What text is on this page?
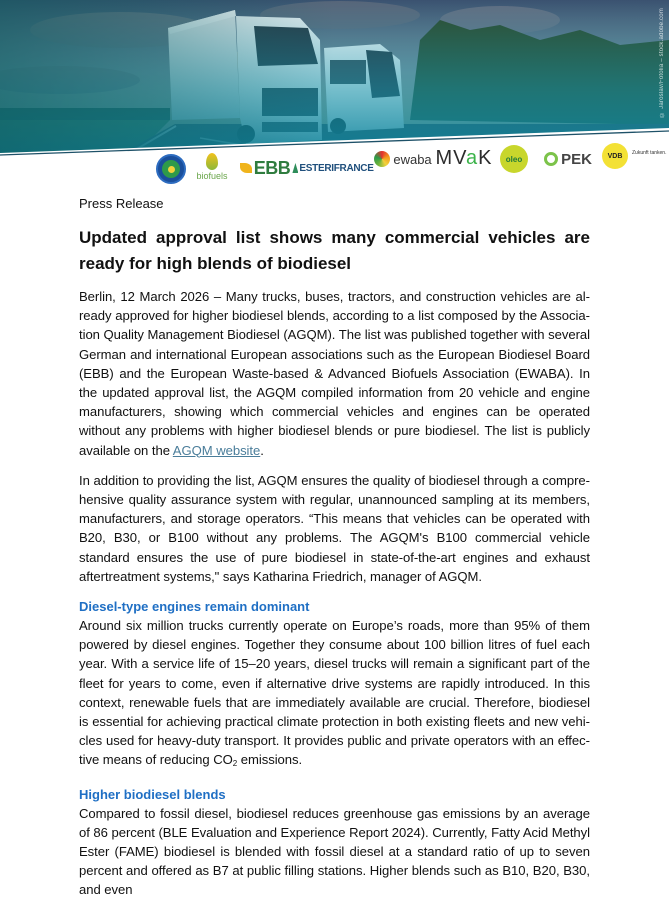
© Jaroslav/Fotolia – stock.adobe.com
biofuels EBB ESTERIFRANCE
ewaba MVaK oleo	PEK VDB Zukunft tanken.

Press Release

Updated approval list shows many commercial vehicles are ready for high blends of biodiesel

Berlin, 12 March 2026 – Many trucks, buses, tractors, and construction vehicles are already approved for higher biodiesel blends, according to a list composed by the Association Quality Management Biodiesel (AGQM). The list was published together with several German and international European associations such as the European Biodiesel Board (EBB) and the European Waste-based & Advanced Biofuels Association (EWABA). In the updated approval list, the AGQM compiled information from 20 vehicle and engine manufacturers, showing which commercial vehicles and engines can be operated without any problems with higher biodiesel blends or pure biodiesel. The list is publicly available on the AGQM website.

In addition to providing the list, AGQM ensures the quality of biodiesel through a comprehensive quality assurance system with regular, unannounced sampling at its members, manufacturers, and storage operators. “This means that vehicles can be operated with B20, B30, or B100 without any problems. The AGQM's B100 commercial vehicle standard ensures the use of pure biodiesel in state-of-the-art engines and exhaust aftertreatment systems," says Katharina Friedrich, manager of AGQM.

Diesel-type engines remain dominant

Around six million trucks currently operate on Europe’s roads, more than 95% of them powered by diesel engines. Together they consume about 100 billion litres of fuel each year. With a service life of 15–20 years, diesel trucks will remain a significant part of the fleet for years to come, even if alternative drive systems are rapidly introduced. In this context, renewable fuels that are immediately available are crucial. Therefore, biodiesel is essential for achieving practical climate protection in both existing fleets and new vehicles used for heavy-duty transport. It provides public and private operators with an effective means of reducing $CO_2$ emissions.

Higher biodiesel blends

Compared to fossil diesel, biodiesel reduces greenhouse gas emissions by an average of 86 percent (BLE Evaluation and Experience Report 2024). Currently, Fatty Acid Methyl Ester (FAME) biodiesel is blended with fossil diesel at a standard ratio of up to seven percent and offered as B7 at public filling stations. Higher blends such as B10, B20, B30, and even
